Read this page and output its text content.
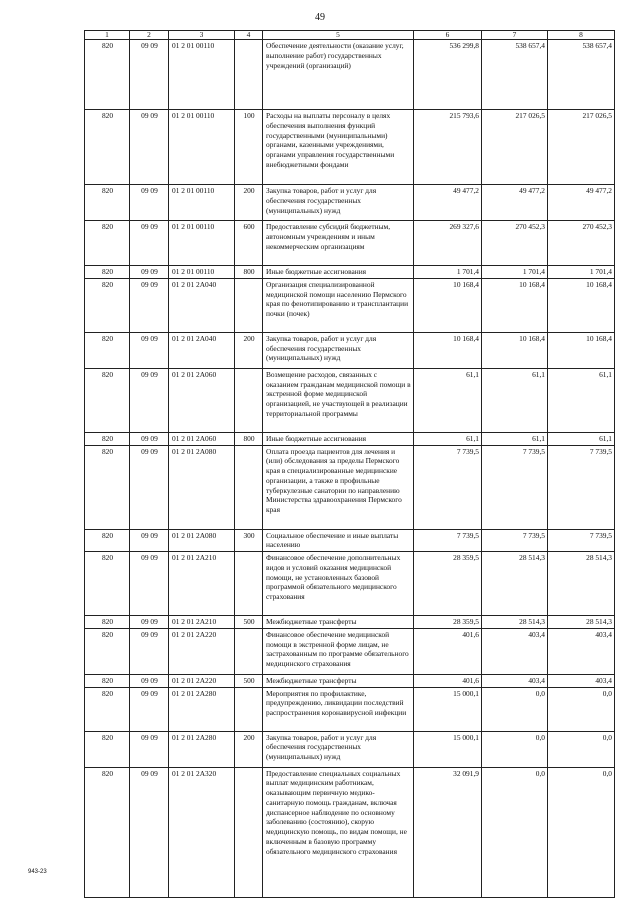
49
1	2	3	4	5	6	7	8
820	09 09	01 2 01 00110		Обеспечение деятельности (оказание услуг, выполнение работ) государственных учреждений (организаций)	536 299,8	538 657,4	538 657,4
820	09 09	01 2 01 00110	100	Расходы на выплаты персоналу в целях обеспечения выполнения функций государственными (муниципальными) органами, казенными учреждениями, органами управления государственными внебюджетными фондами	215 793,6	217 026,5	217 026,5
820	09 09	01 2 01 00110	200	Закупка товаров, работ и услуг для обеспечения государственных (муниципальных) нужд	49 477,2	49 477,2	49 477,2
820	09 09	01 2 01 00110	600	Предоставление субсидий бюджетным, автономным учреждениям и иным некоммерческим организациям	269 327,6	270 452,3	270 452,3
820	09 09	01 2 01 00110	800	Иные бюджетные ассигнования	1 701,4	1 701,4	1 701,4
820	09 09	01 2 01 2А040		Организация специализированной медицинской помощи населению Пермского края по фенотипированию и трансплантации почки (почек)	10 168,4	10 168,4	10 168,4
820	09 09	01 2 01 2А040	200	Закупка товаров, работ и услуг для обеспечения государственных (муниципальных) нужд	10 168,4	10 168,4	10 168,4
820	09 09	01 2 01 2А060		Возмещение расходов, связанных с оказанием гражданам медицинской помощи в экстренной форме медицинской организацией, не участвующей в реализации территориальной программы	61,1	61,1	61,1
820	09 09	01 2 01 2А060	800	Иные бюджетные ассигнования	61,1	61,1	61,1
820	09 09	01 2 01 2А080		Оплата проезда пациентов для лечения и (или) обследования за пределы Пермского края в специализированные медицинские организации, а также в профильные туберкулезные санатории по направлению Министерства здравоохранения Пермского края	7 739,5	7 739,5	7 739,5
820	09 09	01 2 01 2А080	300	Социальное обеспечение и иные выплаты населению	7 739,5	7 739,5	7 739,5
820	09 09	01 2 01 2А210		Финансовое обеспечение дополнительных видов и условий оказания медицинской помощи, не установленных базовой программой обязательного медицинского страхования	28 359,5	28 514,3	28 514,3
820	09 09	01 2 01 2А210	500	Межбюджетные трансферты	28 359,5	28 514,3	28 514,3
820	09 09	01 2 01 2А220		Финансовое обеспечение медицинской помощи в экстренной форме лицам, не застрахованным по программе обязательного медицинского страхования	401,6	403,4	403,4
820	09 09	01 2 01 2А220	500	Межбюджетные трансферты	401,6	403,4	403,4
820	09 09	01 2 01 2А280		Мероприятия по профилактике, предупреждению, ликвидации последствий распространения коронавирусной инфекции	15 000,1	0,0	0,0
820	09 09	01 2 01 2А280	200	Закупка товаров, работ и услуг для обеспечения государственных (муниципальных) нужд	15 000,1	0,0	0,0
820	09 09	01 2 01 2А320		Предоставление специальных социальных выплат медицинским работникам, оказывающим первичную медико-санитарную помощь гражданам, включая диспансерное наблюдение по основному заболеванию (состоянию), скорую медицинскую помощь, по видам помощи, не включенным в базовую программу обязательного медицинского страхования	32 091,9	0,0	0,0
943-23
